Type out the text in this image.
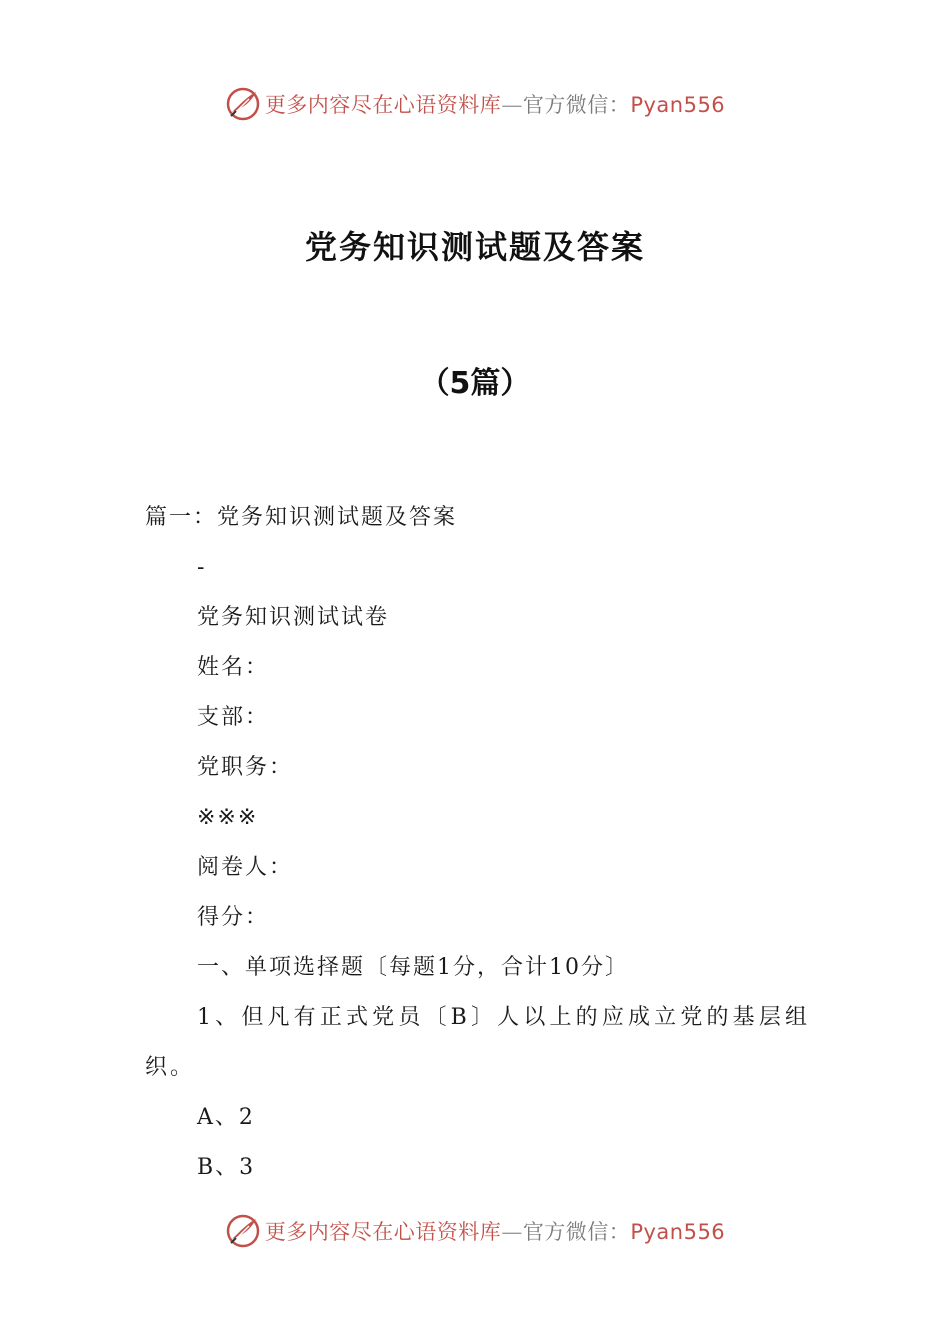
更多内容尽在心语资料库—官方微信：Pyan556
党务知识测试题及答案
（5篇）
篇一：党务知识测试题及答案
-
党务知识测试试卷
姓名：
支部：
党职务：
※※※
阅卷人：
得分：
一、单项选择题〔每题1分，合计10分〕
1、但凡有正式党员〔B〕人以上的应成立党的基层组织。
A、2
B、3
更多内容尽在心语资料库—官方微信：Pyan556
